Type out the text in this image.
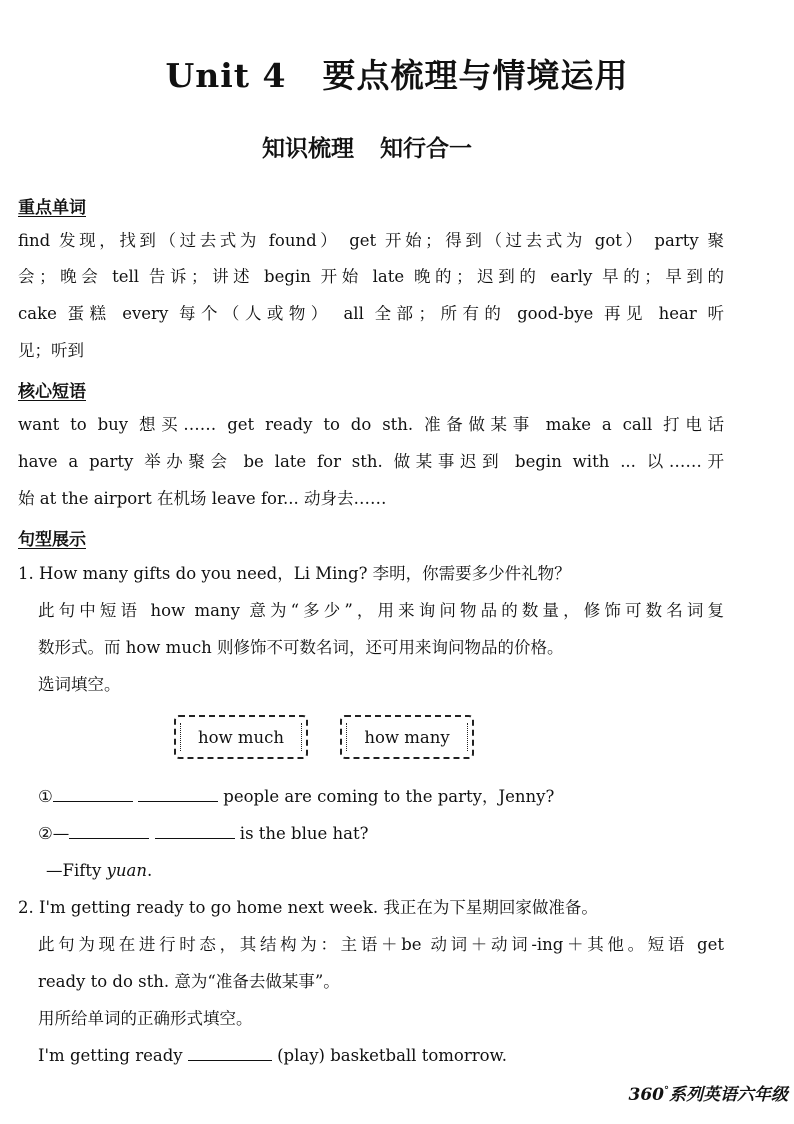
Unit 4 要点梳理与情境运用
知识梳理 知行合一
重点单词
find 发现，找到（过去式为 found） get 开始；得到（过去式为 got） party 聚
会；晚会 tell 告诉；讲述 begin 开始 late 晚的；迟到的 early 早的；早到的
cake 蛋糕 every 每个（人或物） all 全部；所有的 good-bye 再见 hear 听
见；听到
核心短语
want to buy 想买…… get ready to do sth. 准备做某事 make a call 打电话
have a party 举办聚会 be late for sth. 做某事迟到 begin with ... 以……开
始 at the airport 在机场 leave for... 动身去……
句型展示
1. How many gifts do you need，Li Ming? 李明，你需要多少件礼物？
此句中短语 how many 意为“多少”，用来询问物品的数量，修饰可数名词复
数形式。而 how much 则修饰不可数名词，还可用来询问物品的价格。
选词填空。
how much	how many
①	people are coming to the party，Jenny?
②—	is the blue hat?
—Fifty yuan.
2. I'm getting ready to go home next week. 我正在为下星期回家做准备。
此句为现在进行时态，其结构为：主语＋be 动词＋动词-ing＋其他。短语 get
ready to do sth. 意为“准备去做某事”。
用所给单词的正确形式填空。
I'm getting ready	(play) basketball tomorrow.
360°系列英语六年级
